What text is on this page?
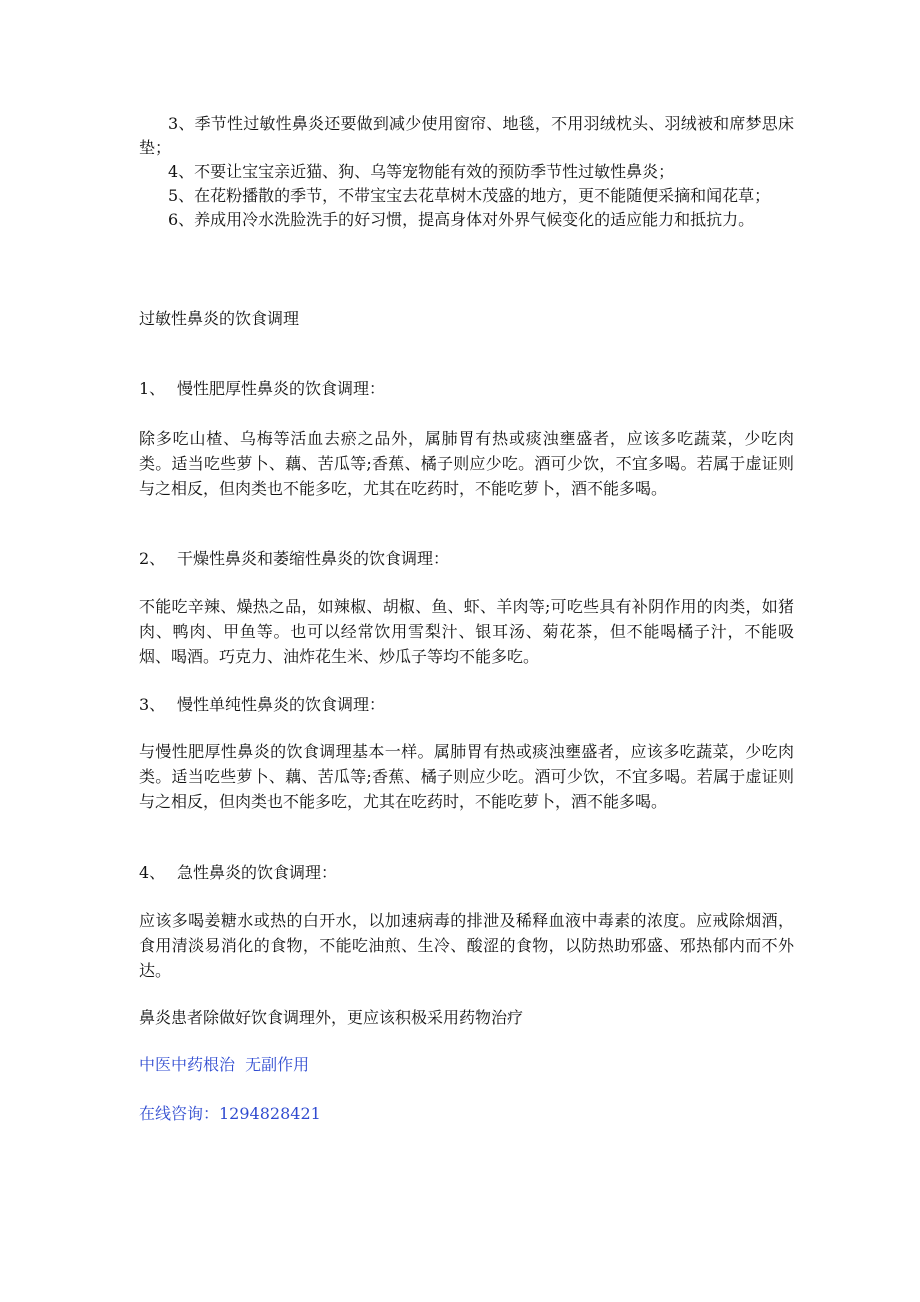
3、季节性过敏性鼻炎还要做到减少使用窗帘、地毯，不用羽绒枕头、羽绒被和席梦思床垫；

4、不要让宝宝亲近猫、狗、乌等宠物能有效的预防季节性过敏性鼻炎；

5、在花粉播散的季节，不带宝宝去花草树木茂盛的地方，更不能随便采摘和闻花草；

6、养成用冷水洗脸洗手的好习惯，提高身体对外界气候变化的适应能力和抵抗力。

过敏性鼻炎的饮食调理

1、 慢性肥厚性鼻炎的饮食调理：

除多吃山楂、乌梅等活血去瘀之品外，属肺胃有热或痰浊壅盛者，应该多吃蔬菜，少吃肉类。适当吃些萝卜、藕、苦瓜等;香蕉、橘子则应少吃。酒可少饮，不宜多喝。若属于虚证则与之相反，但肉类也不能多吃，尤其在吃药时，不能吃萝卜，酒不能多喝。

2、 干燥性鼻炎和萎缩性鼻炎的饮食调理：

不能吃辛辣、燥热之品，如辣椒、胡椒、鱼、虾、羊肉等;可吃些具有补阴作用的肉类，如猪肉、鸭肉、甲鱼等。也可以经常饮用雪梨汁、银耳汤、菊花茶，但不能喝橘子汁，不能吸烟、喝酒。巧克力、油炸花生米、炒瓜子等均不能多吃。

3、 慢性单纯性鼻炎的饮食调理：

与慢性肥厚性鼻炎的饮食调理基本一样。属肺胃有热或痰浊壅盛者，应该多吃蔬菜，少吃肉类。适当吃些萝卜、藕、苦瓜等;香蕉、橘子则应少吃。酒可少饮，不宜多喝。若属于虚证则与之相反，但肉类也不能多吃，尤其在吃药时，不能吃萝卜，酒不能多喝。

4、 急性鼻炎的饮食调理：

应该多喝姜糖水或热的白开水，以加速病毒的排泄及稀释血液中毒素的浓度。应戒除烟酒，食用清淡易消化的食物，不能吃油煎、生冷、酸涩的食物，以防热助邪盛、邪热郁内而不外达。

鼻炎患者除做好饮食调理外，更应该积极采用药物治疗

中医中药根治  无副作用

在线咨询：1294828421
